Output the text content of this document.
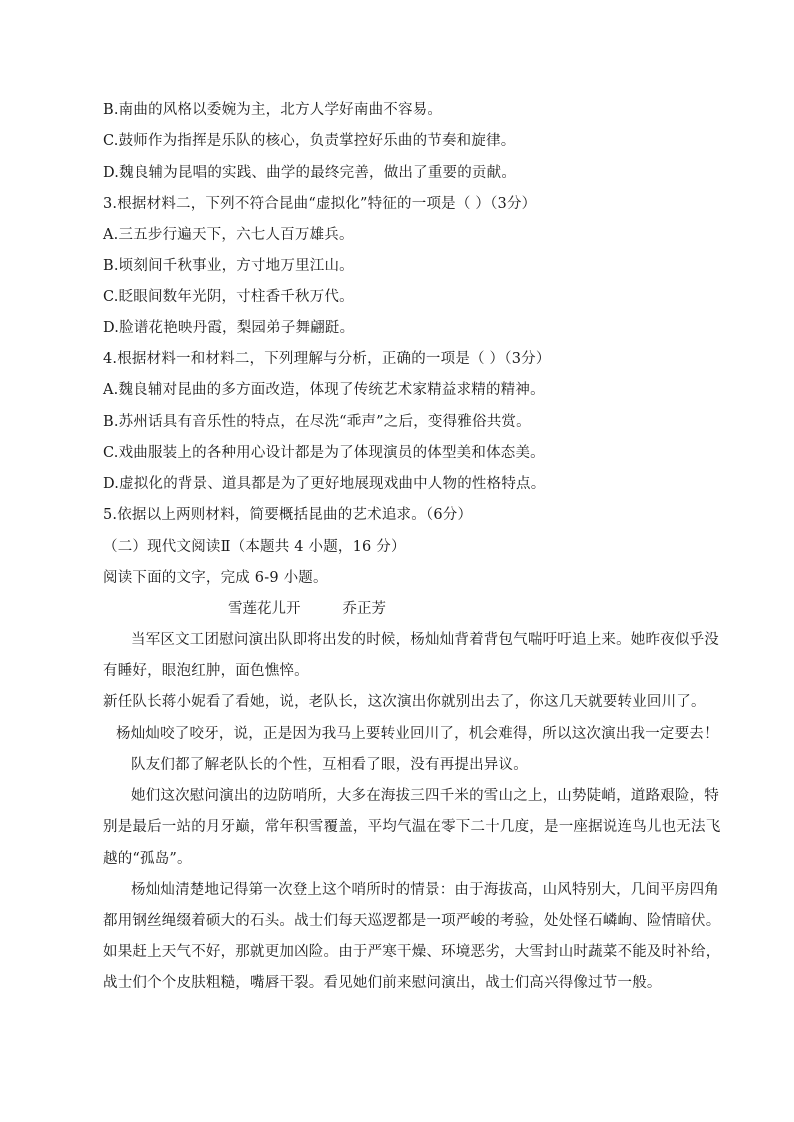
B.南曲的风格以委婉为主，北方人学好南曲不容易。
C.鼓师作为指挥是乐队的核心，负责掌控好乐曲的节奏和旋律。
D.魏良辅为昆唱的实践、曲学的最终完善，做出了重要的贡献。
3.根据材料二，下列不符合昆曲“虚拟化”特征的一项是（ ）（3分）
A.三五步行遍天下，六七人百万雄兵。
B.顷刻间千秋事业，方寸地万里江山。
C.眨眼间数年光阴，寸柱香千秋万代。
D.脸谱花艳映丹霞，梨园弟子舞翩跹。
4.根据材料一和材料二，下列理解与分析，正确的一项是（ ）（3分）
A.魏良辅对昆曲的多方面改造，体现了传统艺术家精益求精的精神。
B.苏州话具有音乐性的特点，在尽洗“乖声”之后，变得雅俗共赏。
C.戏曲服装上的各种用心设计都是为了体现演员的体型美和体态美。
D.虚拟化的背景、道具都是为了更好地展现戏曲中人物的性格特点。
5.依据以上两则材料，简要概括昆曲的艺术追求。（6分）
（二）现代文阅读Ⅱ（本题共 4 小题，16 分）
阅读下面的文字，完成 6-9 小题。
雪莲花儿开	乔正芳
当军区文工团慰问演出队即将出发的时候，杨灿灿背着背包气喘吁吁追上来。她昨夜似乎没
有睡好，眼泡红肿，面色憔悴。
新任队长蒋小妮看了看她，说，老队长，这次演出你就别出去了，你这几天就要转业回川了。
杨灿灿咬了咬牙，说，正是因为我马上要转业回川了，机会难得，所以这次演出我一定要去！
队友们都了解老队长的个性，互相看了眼，没有再提出异议。
她们这次慰问演出的边防哨所，大多在海拔三四千米的雪山之上，山势陡峭，道路艰险，特
别是最后一站的月牙巅，常年积雪覆盖，平均气温在零下二十几度，是一座据说连鸟儿也无法飞
越的“孤岛”。
杨灿灿清楚地记得第一次登上这个哨所时的情景：由于海拔高，山风特别大，几间平房四角
都用钢丝绳缀着硕大的石头。战士们每天巡逻都是一项严峻的考验，处处怪石嶙峋、险情暗伏。
如果赶上天气不好，那就更加凶险。由于严寒干燥、环境恶劣，大雪封山时蔬菜不能及时补给，
战士们个个皮肤粗糙，嘴唇干裂。看见她们前来慰问演出，战士们高兴得像过节一般。
